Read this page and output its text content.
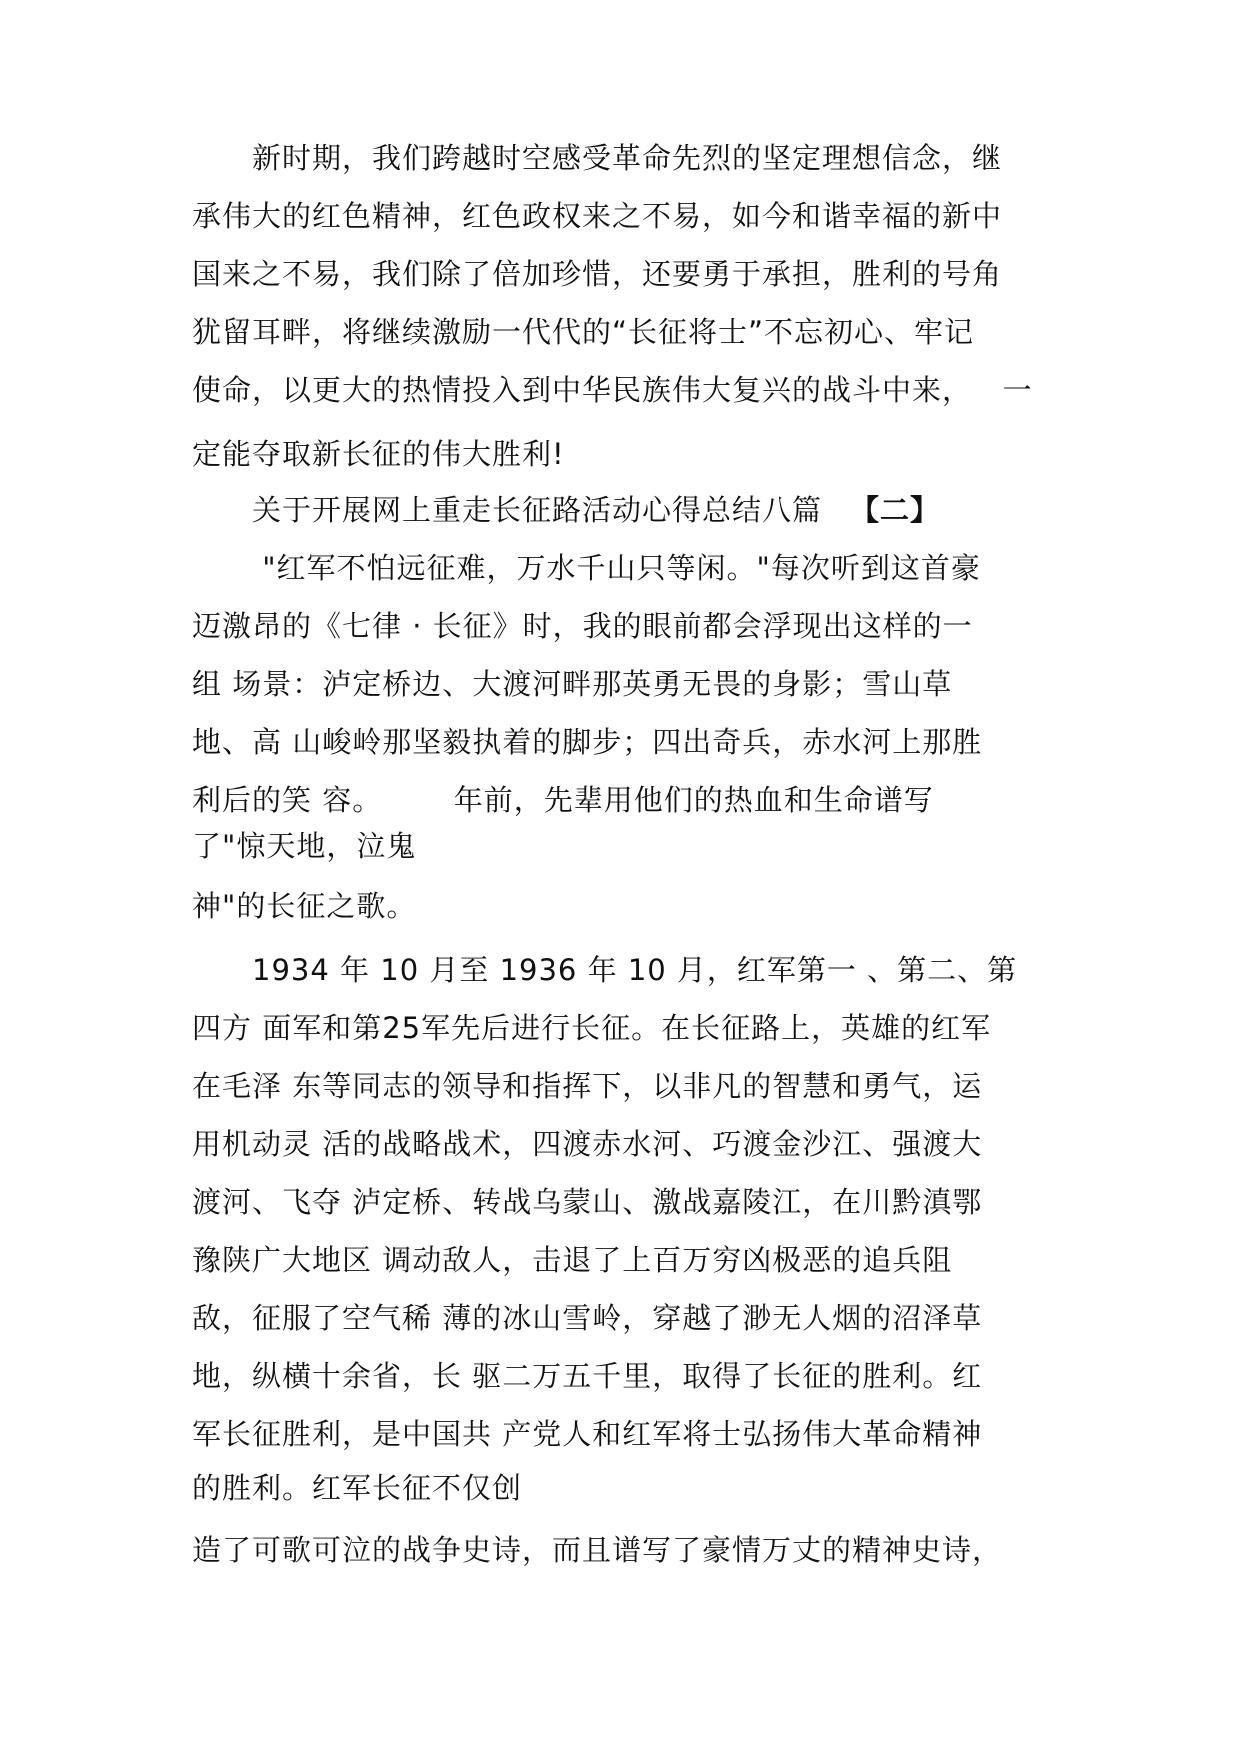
新时期，我们跨越时空感受革命先烈的坚定理想信念，继

承伟大的红色精神，红色政权来之不易，如今和谐幸福的新中

国来之不易，我们除了倍加珍惜，还要勇于承担，胜利的号角

犹留耳畔，将继续激励一代代的“长征将士”不忘初心、牢记

使命，以更大的热情投入到中华民族伟大复兴的战斗中来，   一

定能夺取新长征的伟大胜利!

关于开展网上重走长征路活动心得总结八篇 【二】

"红军不怕远征难，万水千山只等闲。"每次听到这首豪

迈激昂的《七律 · 长征》时，我的眼前都会浮现出这样的一

组 场景：泸定桥边、大渡河畔那英勇无畏的身影；雪山草

地、高 山峻岭那坚毅执着的脚步；四出奇兵，赤水河上那胜

利后的笑 容。       年前，先辈用他们的热血和生命谱写

了"惊天地，泣鬼

神"的长征之歌。

1934 年 10 月至 1936 年 10 月，红军第一 、第二、第

四方 面军和第25军先后进行长征。在长征路上，英雄的红军

在毛泽 东等同志的领导和指挥下，以非凡的智慧和勇气，运

用机动灵 活的战略战术，四渡赤水河、巧渡金沙江、强渡大

渡河、飞夺 泸定桥、转战乌蒙山、激战嘉陵江，在川黔滇鄂

豫陕广大地区 调动敌人，击退了上百万穷凶极恶的追兵阻

敌，征服了空气稀 薄的冰山雪岭，穿越了渺无人烟的沼泽草

地，纵横十余省，长 驱二万五千里，取得了长征的胜利。红

军长征胜利，是中国共 产党人和红军将士弘扬伟大革命精神

的胜利。红军长征不仅创

造了可歌可泣的战争史诗，而且谱写了豪情万丈的精神史诗，
